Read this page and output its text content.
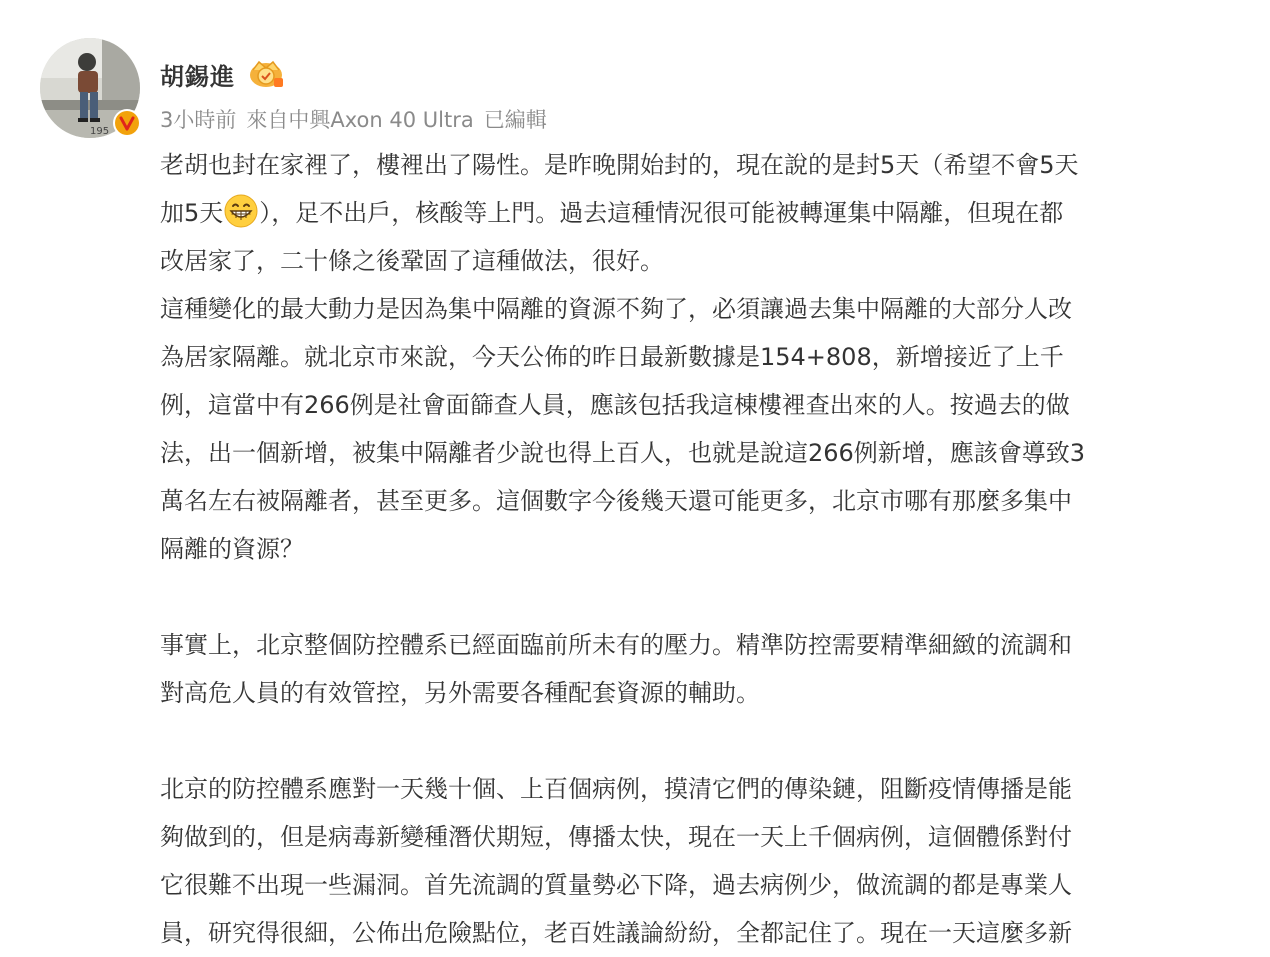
195
胡錫進
3小時前 來自中興Axon 40 Ultra 已編輯

老胡也封在家裡了，樓裡出了陽性。是昨晚開始封的，現在說的是封5天（希望不會5天

加5天 ），足不出戶，核酸等上門。過去這種情況很可能被轉運集中隔離，但現在都

改居家了，二十條之後鞏固了這種做法，很好。

這種變化的最大動力是因為集中隔離的資源不夠了，必須讓過去集中隔離的大部分人改

為居家隔離。就北京市來說，今天公佈的昨日最新數據是154+808，新增接近了上千

例，這當中有266例是社會面篩查人員，應該包括我這棟樓裡查出來的人。按過去的做

法，出一個新增，被集中隔離者少說也得上百人，也就是說這266例新增，應該會導致3

萬名左右被隔離者，甚至更多。這個數字今後幾天還可能更多，北京市哪有那麼多集中

隔離的資源？

事實上，北京整個防控體系已經面臨前所未有的壓力。精準防控需要精準細緻的流調和

對高危人員的有效管控，另外需要各種配套資源的輔助。

北京的防控體系應對一天幾十個、上百個病例，摸清它們的傳染鏈，阻斷疫情傳播是能

夠做到的，但是病毒新變種潛伏期短，傳播太快，現在一天上千個病例，這個體係對付

它很難不出現一些漏洞。首先流調的質量勢必下降，過去病例少，做流調的都是專業人

員，研究得很細，公佈出危險點位，老百姓議論紛紛，全都記住了。現在一天這麼多新
